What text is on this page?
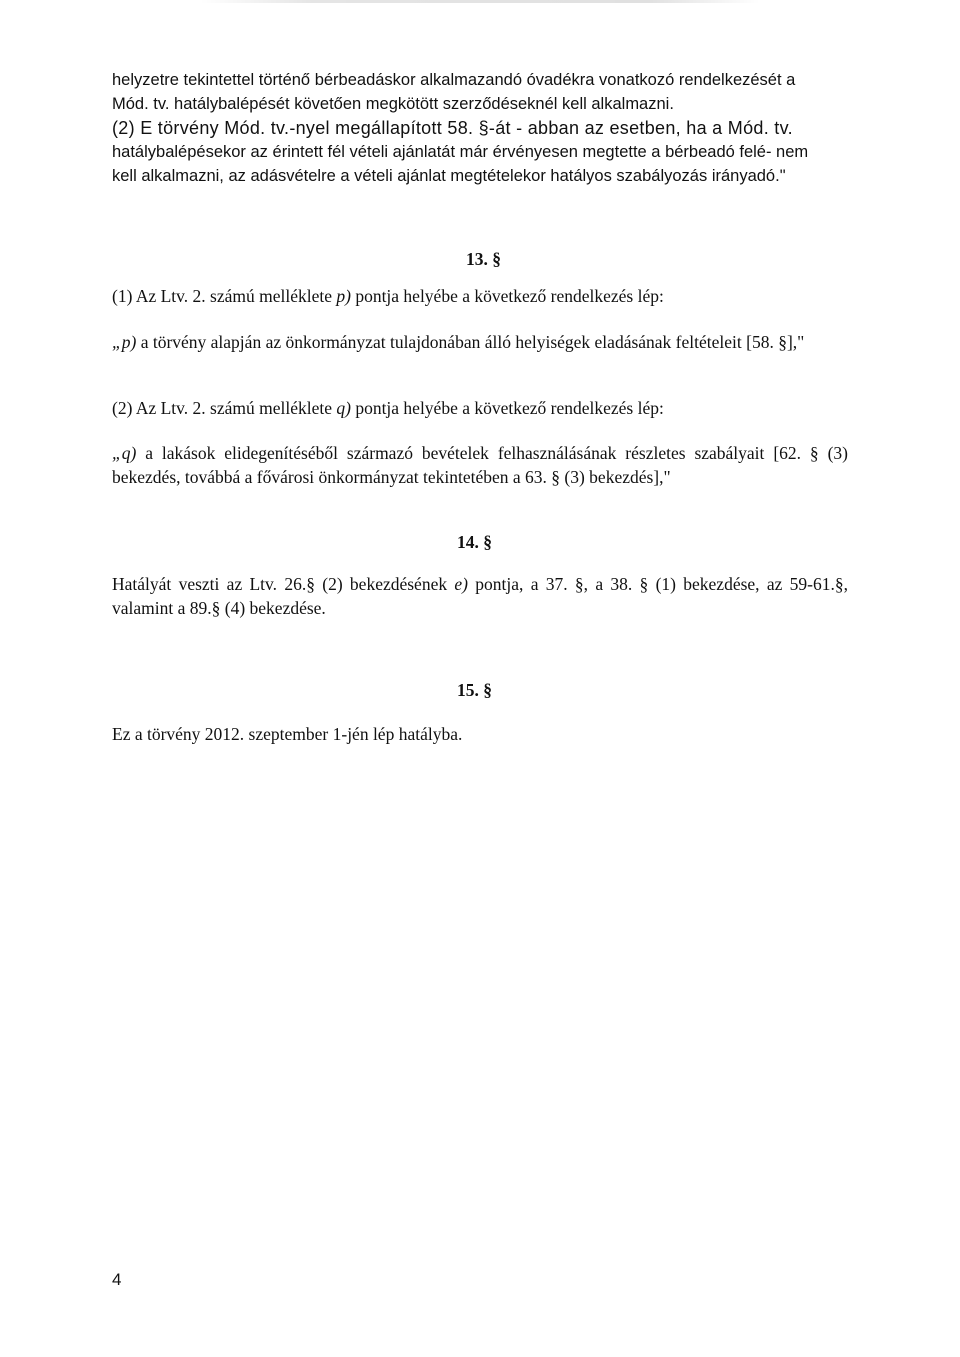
helyzetre tekintettel történő bérbeadáskor alkalmazandó óvadékra vonatkozó rendelkezését a

Mód. tv. hatálybalépését követően megkötött szerződéseknél kell alkalmazni.

(2) E törvény Mód. tv.-nyel megállapított 58. §-át - abban az esetben, ha a Mód. tv.

hatálybalépésekor az érintett fél vételi ajánlatát már érvényesen megtette a bérbeadó felé- nem

kell alkalmazni, az adásvételre a vételi ajánlat megtételekor hatályos szabályozás irányadó."

13. §

(1) Az Ltv. 2. számú melléklete p) pontja helyébe a következő rendelkezés lép:

„p) a törvény alapján az önkormányzat tulajdonában álló helyiségek eladásának feltételeit [58. §],"

(2) Az Ltv. 2. számú melléklete q) pontja helyébe a következő rendelkezés lép:

„q) a lakások elidegenítéséből származó bevételek felhasználásának részletes szabályait [62. § (3) bekezdés, továbbá a fővárosi önkormányzat tekintetében a 63. § (3) bekezdés],"

14. §

Hatályát veszti az Ltv. 26.§ (2) bekezdésének e) pontja, a 37. §, a 38. § (1) bekezdése, az 59-61.§, valamint a 89.§ (4) bekezdése.

15. §

Ez a törvény 2012. szeptember 1-jén lép hatályba.

4
